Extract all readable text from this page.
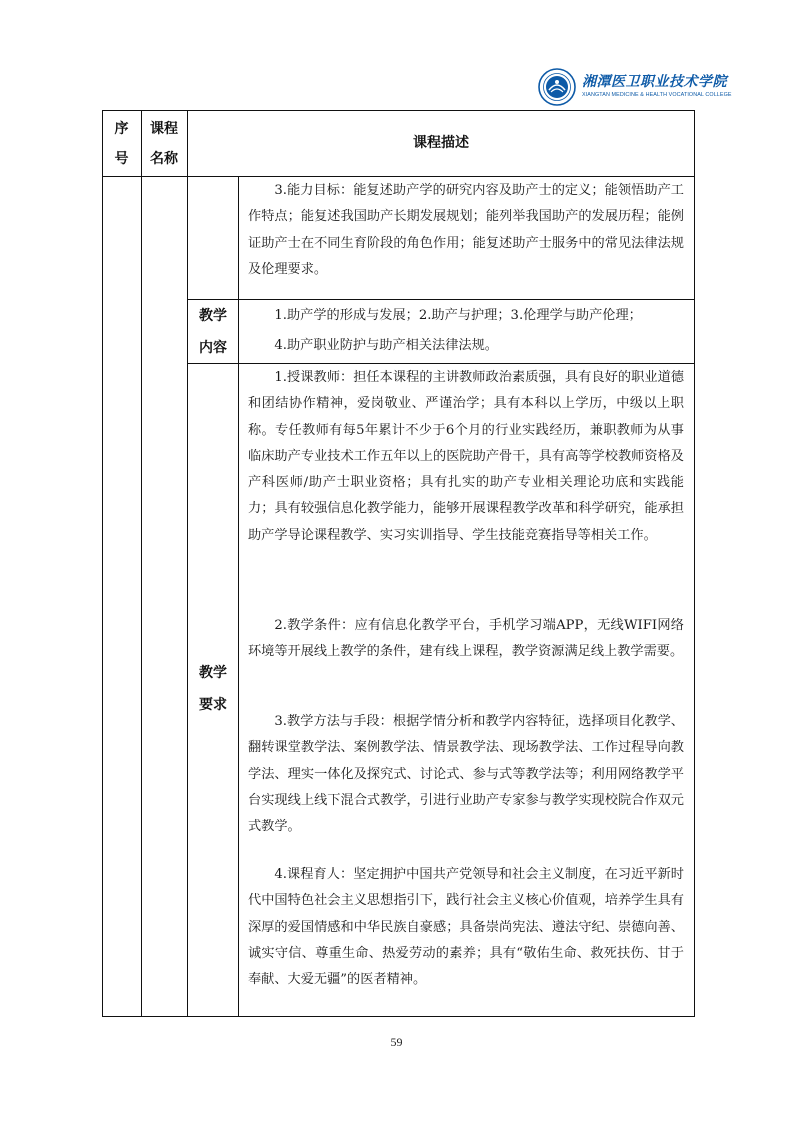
湘潭医卫职业技术学院
XIANGTAN MEDICINE & HEALTH VOCATIONAL COLLEGE
序
号
课程
名称
课程描述

3.能力目标：能复述助产学的研究内容及助产士的定义；能领悟助产工作特点；能复述我国助产长期发展规划；能列举我国助产的发展历程；能例证助产士在不同生育阶段的角色作用；能复述助产士服务中的常见法律法规及伦理要求。

教学
内容

1.助产学的形成与发展；2.助产与护理；3.伦理学与助产伦理；

4.助产职业防护与助产相关法律法规。

教学
要求

1.授课教师：担任本课程的主讲教师政治素质强，具有良好的职业道德和团结协作精神，爱岗敬业、严谨治学；具有本科以上学历，中级以上职称。专任教师有每5年累计不少于6个月的行业实践经历，兼职教师为从事临床助产专业技术工作五年以上的医院助产骨干，具有高等学校教师资格及产科医师/助产士职业资格；具有扎实的助产专业相关理论功底和实践能力；具有较强信息化教学能力，能够开展课程教学改革和科学研究，能承担助产学导论课程教学、实习实训指导、学生技能竞赛指导等相关工作。

2.教学条件：应有信息化教学平台，手机学习端APP，无线WIFI网络环境等开展线上教学的条件，建有线上课程，教学资源满足线上教学需要。

3.教学方法与手段：根据学情分析和教学内容特征，选择项目化教学、翻转课堂教学法、案例教学法、情景教学法、现场教学法、工作过程导向教学法、理实一体化及探究式、讨论式、参与式等教学法等；利用网络教学平台实现线上线下混合式教学，引进行业助产专家参与教学实现校院合作双元式教学。

4.课程育人：坚定拥护中国共产党领导和社会主义制度，在习近平新时代中国特色社会主义思想指引下，践行社会主义核心价值观，培养学生具有深厚的爱国情感和中华民族自豪感；具备崇尚宪法、遵法守纪、崇德向善、诚实守信、尊重生命、热爱劳动的素养；具有“敬佑生命、救死扶伤、甘于奉献、大爱无疆”的医者精神。

59
